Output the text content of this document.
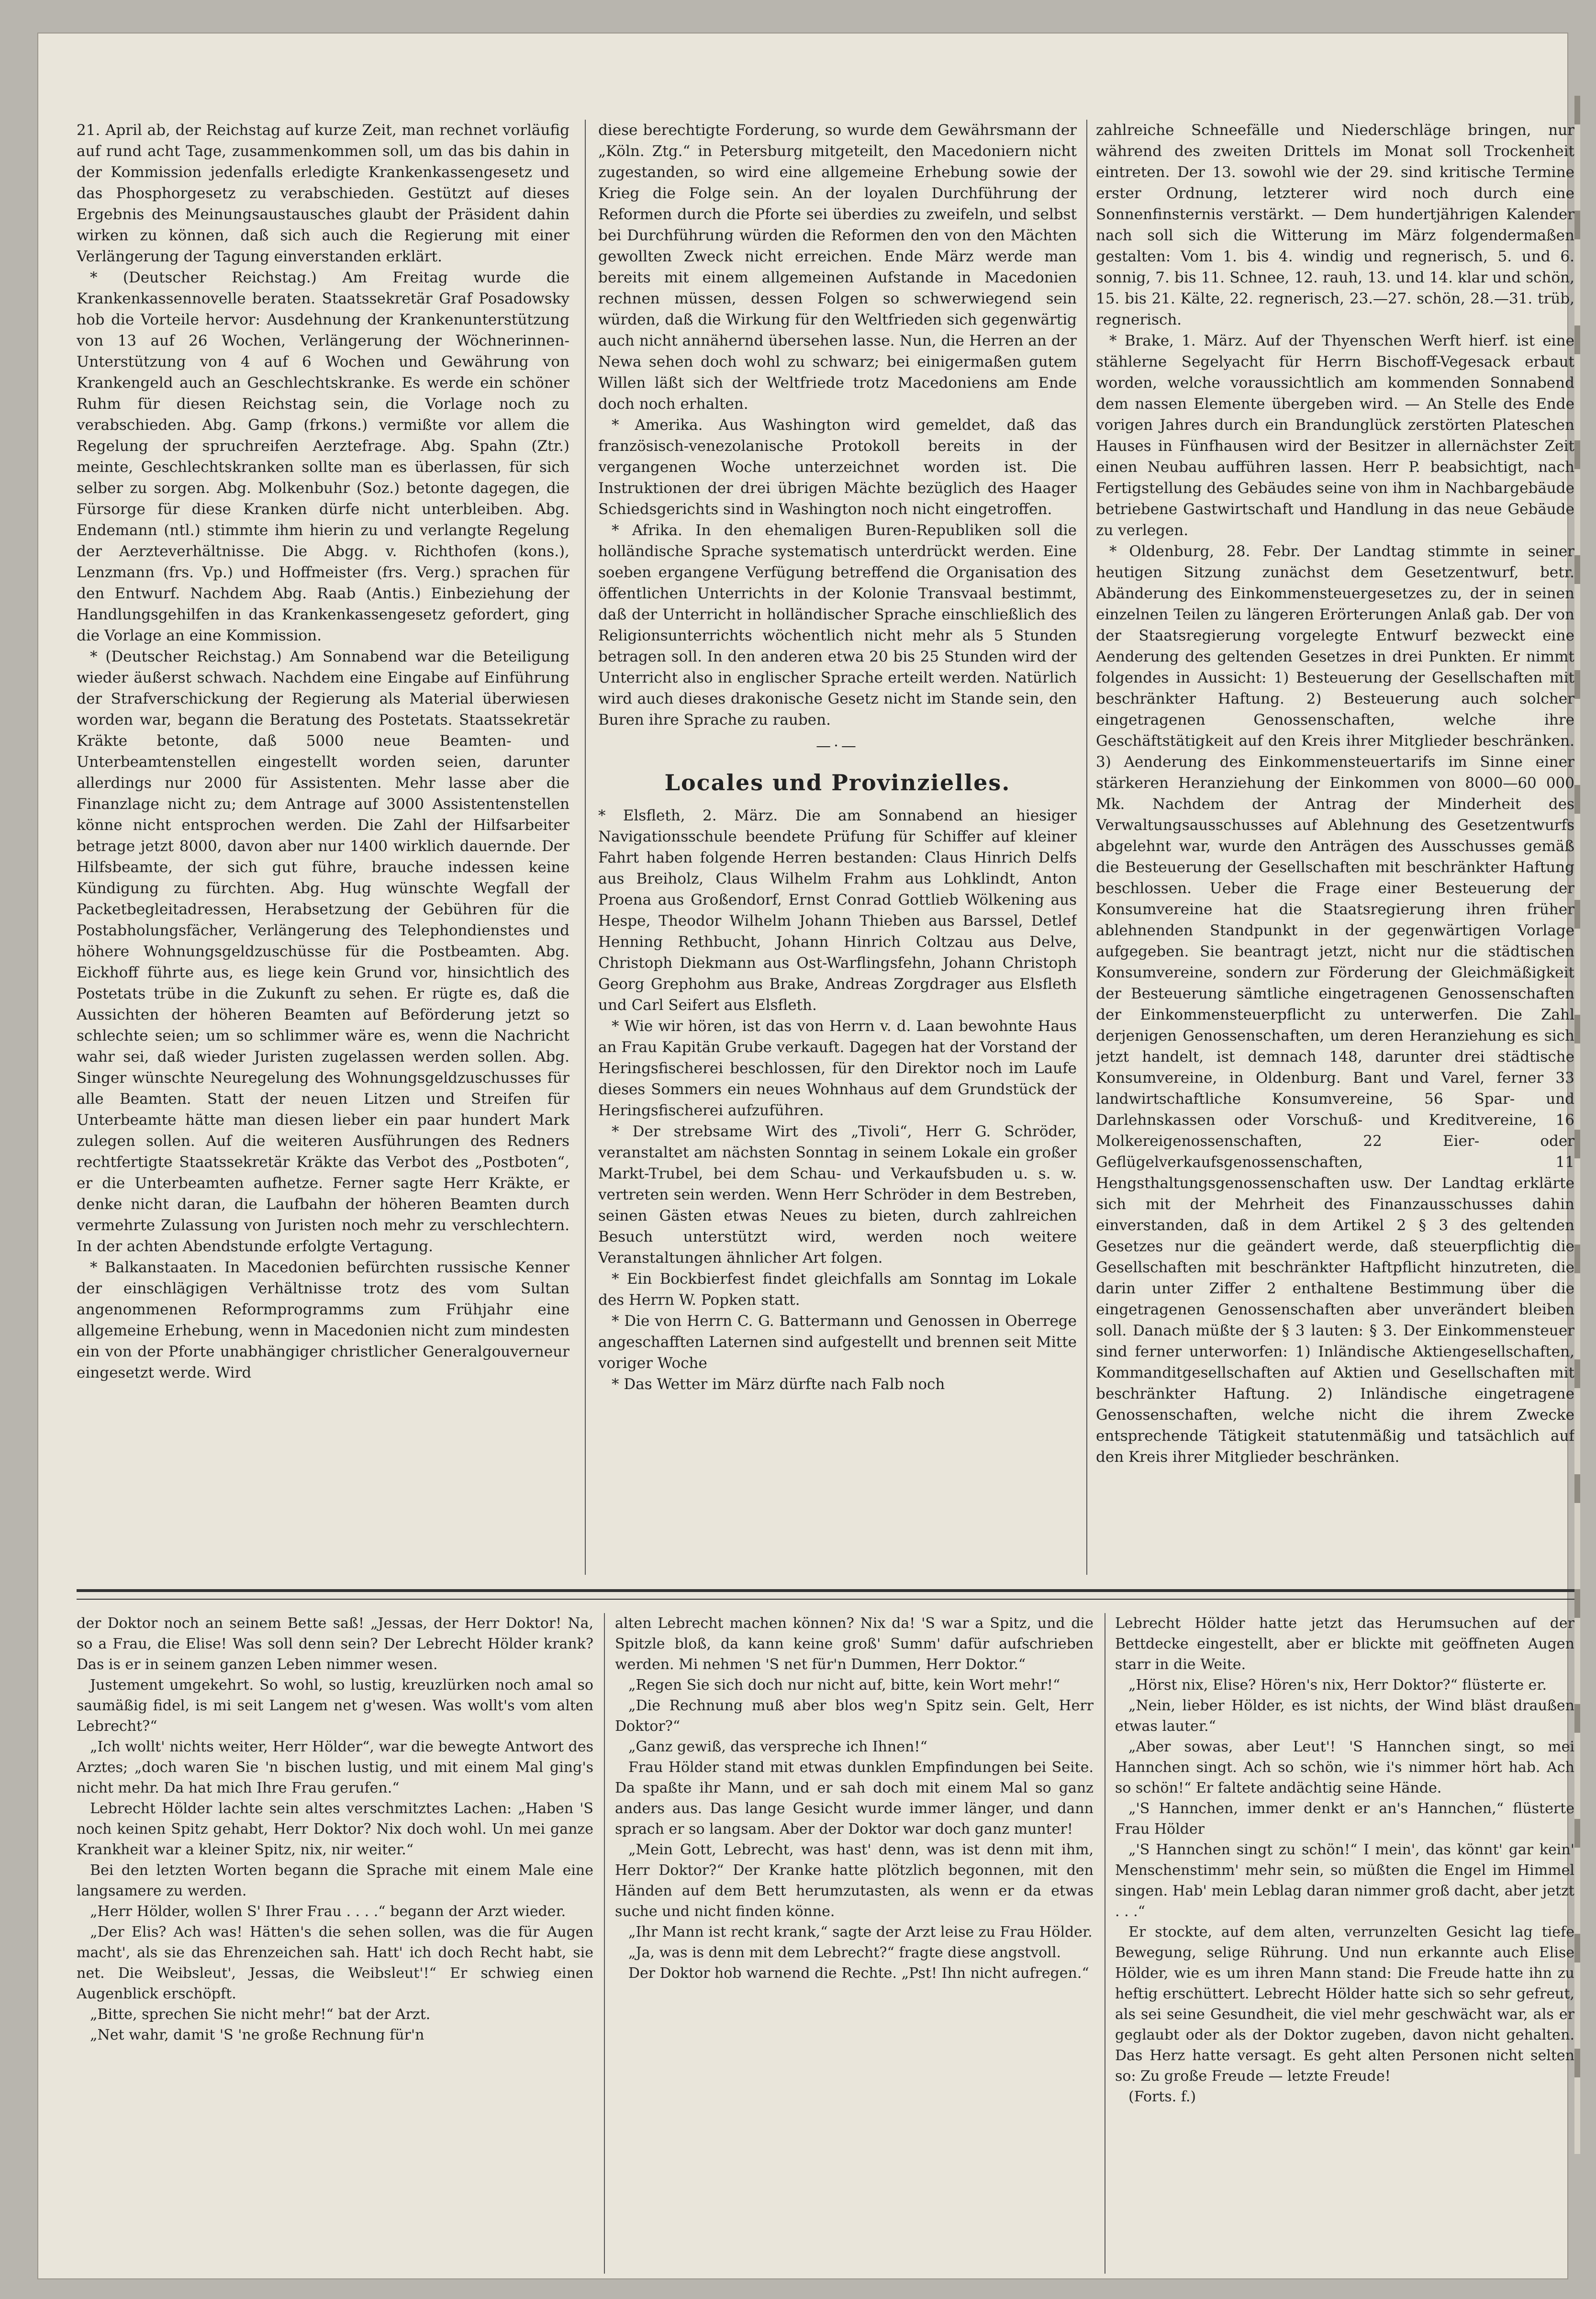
21. April ab, der Reichstag auf kurze Zeit, man rechnet vorläufig auf rund acht Tage, zusammenkommen soll, um das bis dahin in der Kommission jedenfalls erledigte Krankenkassengesetz und das Phosphorgesetz zu verabschieden. Gestützt auf dieses Ergebnis des Meinungsaustausches glaubt der Präsident dahin wirken zu können, daß sich auch die Regierung mit einer Verlängerung der Tagung einverstanden erklärt.

* (Deutscher Reichstag.) Am Freitag wurde die Krankenkassennovelle beraten. Staatssekretär Graf Posadowsky hob die Vorteile hervor: Ausdehnung der Krankenunterstützung von 13 auf 26 Wochen, Verlängerung der Wöchnerinnen-Unterstützung von 4 auf 6 Wochen und Gewährung von Krankengeld auch an Geschlechtskranke. Es werde ein schöner Ruhm für diesen Reichstag sein, die Vorlage noch zu verabschieden. Abg. Gamp (frkons.) vermißte vor allem die Regelung der spruchreifen Aerztefrage. Abg. Spahn (Ztr.) meinte, Geschlechtskranken sollte man es überlassen, für sich selber zu sorgen. Abg. Molkenbuhr (Soz.) betonte dagegen, die Fürsorge für diese Kranken dürfe nicht unterbleiben. Abg. Endemann (ntl.) stimmte ihm hierin zu und verlangte Regelung der Aerzteverhältnisse. Die Abgg. v. Richthofen (kons.), Lenzmann (frs. Vp.) und Hoffmeister (frs. Verg.) sprachen für den Entwurf. Nachdem Abg. Raab (Antis.) Einbeziehung der Handlungsgehilfen in das Krankenkassengesetz gefordert, ging die Vorlage an eine Kommission.

* (Deutscher Reichstag.) Am Sonnabend war die Beteiligung wieder äußerst schwach. Nachdem eine Eingabe auf Einführung der Strafverschickung der Regierung als Material überwiesen worden war, begann die Beratung des Postetats. Staatssekretär Kräkte betonte, daß 5000 neue Beamten- und Unterbeamtenstellen eingestellt worden seien, darunter allerdings nur 2000 für Assistenten. Mehr lasse aber die Finanzlage nicht zu; dem Antrage auf 3000 Assistentenstellen könne nicht entsprochen werden. Die Zahl der Hilfsarbeiter betrage jetzt 8000, davon aber nur 1400 wirklich dauernde. Der Hilfsbeamte, der sich gut führe, brauche indessen keine Kündigung zu fürchten. Abg. Hug wünschte Wegfall der Packetbegleitadressen, Herabsetzung der Gebühren für die Postabholungsfächer, Verlängerung des Telephondienstes und höhere Wohnungsgeldzuschüsse für die Postbeamten. Abg. Eickhoff führte aus, es liege kein Grund vor, hinsichtlich des Postetats trübe in die Zukunft zu sehen. Er rügte es, daß die Aussichten der höheren Beamten auf Beförderung jetzt so schlechte seien; um so schlimmer wäre es, wenn die Nachricht wahr sei, daß wieder Juristen zugelassen werden sollen. Abg. Singer wünschte Neuregelung des Wohnungsgeldzuschusses für alle Beamten. Statt der neuen Litzen und Streifen für Unterbeamte hätte man diesen lieber ein paar hundert Mark zulegen sollen. Auf die weiteren Ausführungen des Redners rechtfertigte Staatssekretär Kräkte das Verbot des „Postboten“, er die Unterbeamten aufhetze. Ferner sagte Herr Kräkte, er denke nicht daran, die Laufbahn der höheren Beamten durch vermehrte Zulassung von Juristen noch mehr zu verschlechtern. In der achten Abendstunde erfolgte Vertagung.

* Balkanstaaten. In Macedonien befürchten russische Kenner der einschlägigen Verhältnisse trotz des vom Sultan angenommenen Reformprogramms zum Frühjahr eine allgemeine Erhebung, wenn in Macedonien nicht zum mindesten ein von der Pforte unabhängiger christlicher Generalgouverneur eingesetzt werde. Wird

diese berechtigte Forderung, so wurde dem Gewährsmann der „Köln. Ztg.“ in Petersburg mitgeteilt, den Macedoniern nicht zugestanden, so wird eine allgemeine Erhebung sowie der Krieg die Folge sein. An der loyalen Durchführung der Reformen durch die Pforte sei überdies zu zweifeln, und selbst bei Durchführung würden die Reformen den von den Mächten gewollten Zweck nicht erreichen. Ende März werde man bereits mit einem allgemeinen Aufstande in Macedonien rechnen müssen, dessen Folgen so schwerwiegend sein würden, daß die Wirkung für den Weltfrieden sich gegenwärtig auch nicht annähernd übersehen lasse. Nun, die Herren an der Newa sehen doch wohl zu schwarz; bei einigermaßen gutem Willen läßt sich der Weltfriede trotz Macedoniens am Ende doch noch erhalten.

* Amerika. Aus Washington wird gemeldet, daß das französisch-venezolanische Protokoll bereits in der vergangenen Woche unterzeichnet worden ist. Die Instruktionen der drei übrigen Mächte bezüglich des Haager Schiedsgerichts sind in Washington noch nicht eingetroffen.

* Afrika. In den ehemaligen Buren-Republiken soll die holländische Sprache systematisch unterdrückt werden. Eine soeben ergangene Verfügung betreffend die Organisation des öffentlichen Unterrichts in der Kolonie Transvaal bestimmt, daß der Unterricht in holländischer Sprache einschließlich des Religionsunterrichts wöchentlich nicht mehr als 5 Stunden betragen soll. In den anderen etwa 20 bis 25 Stunden wird der Unterricht also in englischer Sprache erteilt werden. Natürlich wird auch dieses drakonische Gesetz nicht im Stande sein, den Buren ihre Sprache zu rauben.

—·—
Locales und Provinzielles.

* Elsfleth, 2. März. Die am Sonnabend an hiesiger Navigationsschule beendete Prüfung für Schiffer auf kleiner Fahrt haben folgende Herren bestanden: Claus Hinrich Delfs aus Breiholz, Claus Wilhelm Frahm aus Lohklindt, Anton Proena aus Großendorf, Ernst Conrad Gottlieb Wölkening aus Hespe, Theodor Wilhelm Johann Thieben aus Barssel, Detlef Henning Rethbucht, Johann Hinrich Coltzau aus Delve, Christoph Diekmann aus Ost-Warflingsfehn, Johann Christoph Georg Grephohm aus Brake, Andreas Zorgdrager aus Elsfleth und Carl Seifert aus Elsfleth.

* Wie wir hören, ist das von Herrn v. d. Laan bewohnte Haus an Frau Kapitän Grube verkauft. Dagegen hat der Vorstand der Heringsfischerei beschlossen, für den Direktor noch im Laufe dieses Sommers ein neues Wohnhaus auf dem Grundstück der Heringsfischerei aufzuführen.

* Der strebsame Wirt des „Tivoli“, Herr G. Schröder, veranstaltet am nächsten Sonntag in seinem Lokale ein großer Markt-Trubel, bei dem Schau- und Verkaufsbuden u. s. w. vertreten sein werden. Wenn Herr Schröder in dem Bestreben, seinen Gästen etwas Neues zu bieten, durch zahlreichen Besuch unterstützt wird, werden noch weitere Veranstaltungen ähnlicher Art folgen.

* Ein Bockbierfest findet gleichfalls am Sonntag im Lokale des Herrn W. Popken statt.

* Die von Herrn C. G. Battermann und Genossen in Oberrege angeschafften Laternen sind aufgestellt und brennen seit Mitte voriger Woche

* Das Wetter im März dürfte nach Falb noch

zahlreiche Schneefälle und Niederschläge bringen, nur während des zweiten Drittels im Monat soll Trockenheit eintreten. Der 13. sowohl wie der 29. sind kritische Termine erster Ordnung, letzterer wird noch durch eine Sonnenfinsternis verstärkt. — Dem hundertjährigen Kalender nach soll sich die Witterung im März folgendermaßen gestalten: Vom 1. bis 4. windig und regnerisch, 5. und 6. sonnig, 7. bis 11. Schnee, 12. rauh, 13. und 14. klar und schön, 15. bis 21. Kälte, 22. regnerisch, 23.—27. schön, 28.—31. trüb, regnerisch.

* Brake, 1. März. Auf der Thyenschen Werft hierf. ist eine stählerne Segelyacht für Herrn Bischoff-Vegesack erbaut worden, welche voraussichtlich am kommenden Sonnabend dem nassen Elemente übergeben wird. — An Stelle des Ende vorigen Jahres durch ein Brandunglück zerstörten Plateschen Hauses in Fünfhausen wird der Besitzer in allernächster Zeit einen Neubau aufführen lassen. Herr P. beabsichtigt, nach Fertigstellung des Gebäudes seine von ihm in Nachbargebäude betriebene Gastwirtschaft und Handlung in das neue Gebäude zu verlegen.

* Oldenburg, 28. Febr. Der Landtag stimmte in seiner heutigen Sitzung zunächst dem Gesetzentwurf, betr. Abänderung des Einkommensteuergesetzes zu, der in seinen einzelnen Teilen zu längeren Erörterungen Anlaß gab. Der von der Staatsregierung vorgelegte Entwurf bezweckt eine Aenderung des geltenden Gesetzes in drei Punkten. Er nimmt folgendes in Aussicht: 1) Besteuerung der Gesellschaften mit beschränkter Haftung. 2) Besteuerung auch solcher eingetragenen Genossenschaften, welche ihre Geschäftstätigkeit auf den Kreis ihrer Mitglieder beschränken. 3) Aenderung des Einkommensteuertarifs im Sinne einer stärkeren Heranziehung der Einkommen von 8000—60 000 Mk. Nachdem der Antrag der Minderheit des Verwaltungsausschusses auf Ablehnung des Gesetzentwurfs abgelehnt war, wurde den Anträgen des Ausschusses gemäß die Besteuerung der Gesellschaften mit beschränkter Haftung beschlossen. Ueber die Frage einer Besteuerung der Konsumvereine hat die Staatsregierung ihren früher ablehnenden Standpunkt in der gegenwärtigen Vorlage aufgegeben. Sie beantragt jetzt, nicht nur die städtischen Konsumvereine, sondern zur Förderung der Gleichmäßigkeit der Besteuerung sämtliche eingetragenen Genossenschaften der Einkommensteuerpflicht zu unterwerfen. Die Zahl derjenigen Genossenschaften, um deren Heranziehung es sich jetzt handelt, ist demnach 148, darunter drei städtische Konsumvereine, in Oldenburg. Bant und Varel, ferner 33 landwirtschaftliche Konsumvereine, 56 Spar- und Darlehnskassen oder Vorschuß- und Kreditvereine, 16 Molkereigenossenschaften, 22 Eier- oder Geflügelverkaufsgenossenschaften, 11 Hengsthaltungsgenossenschaften usw. Der Landtag erklärte sich mit der Mehrheit des Finanzausschusses dahin einverstanden, daß in dem Artikel 2 § 3 des geltenden Gesetzes nur die geändert werde, daß steuerpflichtig die Gesellschaften mit beschränkter Haftpflicht hinzutreten, die darin unter Ziffer 2 enthaltene Bestimmung über die eingetragenen Genossenschaften aber unverändert bleiben soll. Danach müßte der § 3 lauten: § 3. Der Einkommensteuer sind ferner unterworfen: 1) Inländische Aktiengesellschaften, Kommanditgesellschaften auf Aktien und Gesellschaften mit beschränkter Haftung. 2) Inländische eingetragene Genossenschaften, welche nicht die ihrem Zwecke entsprechende Tätigkeit statutenmäßig und tatsächlich auf den Kreis ihrer Mitglieder beschränken.

der Doktor noch an seinem Bette saß! „Jessas, der Herr Doktor! Na, so a Frau, die Elise! Was soll denn sein? Der Lebrecht Hölder krank? Das is er in seinem ganzen Leben nimmer wesen.

Justement umgekehrt. So wohl, so lustig, kreuzlürken noch amal so saumäßig fidel, is mi seit Langem net g'wesen. Was wollt's vom alten Lebrecht?“

„Ich wollt' nichts weiter, Herr Hölder“, war die bewegte Antwort des Arztes; „doch waren Sie 'n bischen lustig, und mit einem Mal ging's nicht mehr. Da hat mich Ihre Frau gerufen.“

Lebrecht Hölder lachte sein altes verschmitztes Lachen: „Haben 'S noch keinen Spitz gehabt, Herr Doktor? Nix doch wohl. Un mei ganze Krankheit war a kleiner Spitz, nix, nir weiter.“

Bei den letzten Worten begann die Sprache mit einem Male eine langsamere zu werden.

„Herr Hölder, wollen S' Ihrer Frau . . . .“ begann der Arzt wieder.

„Der Elis? Ach was! Hätten's die sehen sollen, was die für Augen macht', als sie das Ehrenzeichen sah. Hatt' ich doch Recht habt, sie net. Die Weibsleut', Jessas, die Weibsleut'!“ Er schwieg einen Augenblick erschöpft.

„Bitte, sprechen Sie nicht mehr!“ bat der Arzt.

„Net wahr, damit 'S 'ne große Rechnung für'n

alten Lebrecht machen können? Nix da! 'S war a Spitz, und die Spitzle bloß, da kann keine groß' Summ' dafür aufschrieben werden. Mi nehmen 'S net für'n Dummen, Herr Doktor.“

„Regen Sie sich doch nur nicht auf, bitte, kein Wort mehr!“

„Die Rechnung muß aber blos weg'n Spitz sein. Gelt, Herr Doktor?“

„Ganz gewiß, das verspreche ich Ihnen!“

Frau Hölder stand mit etwas dunklen Empfindungen bei Seite. Da spaßte ihr Mann, und er sah doch mit einem Mal so ganz anders aus. Das lange Gesicht wurde immer länger, und dann sprach er so langsam. Aber der Doktor war doch ganz munter!

„Mein Gott, Lebrecht, was hast' denn, was ist denn mit ihm, Herr Doktor?“ Der Kranke hatte plötzlich begonnen, mit den Händen auf dem Bett herumzutasten, als wenn er da etwas suche und nicht finden könne.

„Ihr Mann ist recht krank,“ sagte der Arzt leise zu Frau Hölder.

„Ja, was is denn mit dem Lebrecht?“ fragte diese angstvoll.

Der Doktor hob warnend die Rechte. „Pst! Ihn nicht aufregen.“

Lebrecht Hölder hatte jetzt das Herumsuchen auf der Bettdecke eingestellt, aber er blickte mit geöffneten Augen starr in die Weite.

„Hörst nix, Elise? Hören's nix, Herr Doktor?“ flüsterte er.

„Nein, lieber Hölder, es ist nichts, der Wind bläst draußen etwas lauter.“

„Aber sowas, aber Leut'! 'S Hannchen singt, so mei Hannchen singt. Ach so schön, wie i's nimmer hört hab. Ach so schön!“ Er faltete andächtig seine Hände.

„'S Hannchen, immer denkt er an's Hannchen,“ flüsterte Frau Hölder

„'S Hannchen singt zu schön!“ I mein', das könnt' gar kein' Menschenstimm' mehr sein, so müßten die Engel im Himmel singen. Hab' mein Leblag daran nimmer groß dacht, aber jetzt . . .“

Er stockte, auf dem alten, verrunzelten Gesicht lag tiefe Bewegung, selige Rührung. Und nun erkannte auch Elise Hölder, wie es um ihren Mann stand: Die Freude hatte ihn zu heftig erschüttert. Lebrecht Hölder hatte sich so sehr gefreut, als sei seine Gesundheit, die viel mehr geschwächt war, als er geglaubt oder als der Doktor zugeben, davon nicht gehalten. Das Herz hatte versagt. Es geht alten Personen nicht selten so: Zu große Freude — letzte Freude!

(Forts. f.)
